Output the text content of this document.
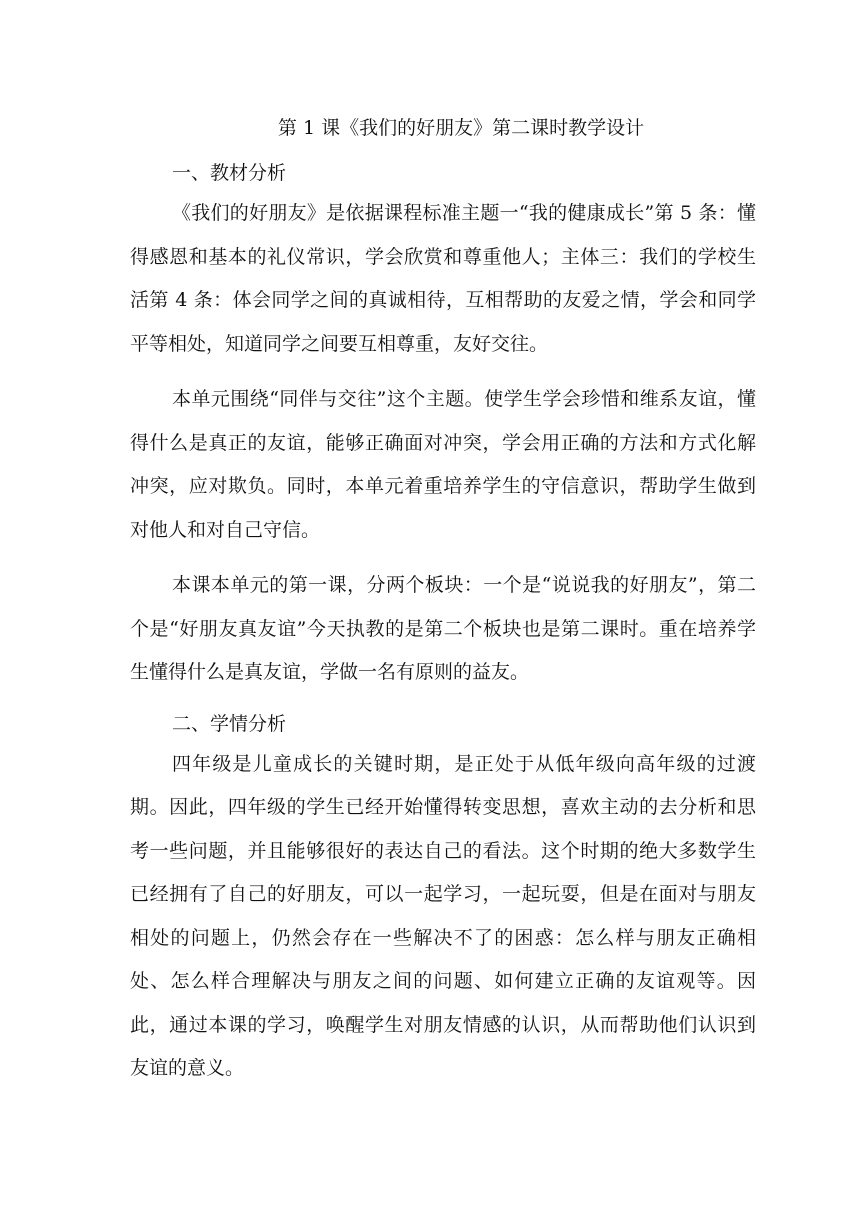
第 1 课《我们的好朋友》第二课时教学设计
一、教材分析

《我们的好朋友》是依据课程标准主题一“我的健康成长”第 5 条：懂得感恩和基本的礼仪常识，学会欣赏和尊重他人；主体三：我们的学校生活第 4 条：体会同学之间的真诚相待，互相帮助的友爱之情，学会和同学平等相处，知道同学之间要互相尊重，友好交往。

本单元围绕“同伴与交往”这个主题。使学生学会珍惜和维系友谊，懂得什么是真正的友谊，能够正确面对冲突，学会用正确的方法和方式化解冲突，应对欺负。同时，本单元着重培养学生的守信意识，帮助学生做到对他人和对自己守信。

本课本单元的第一课，分两个板块：一个是“说说我的好朋友”，第二个是“好朋友真友谊”今天执教的是第二个板块也是第二课时。重在培养学生懂得什么是真友谊，学做一名有原则的益友。

二、学情分析

四年级是儿童成长的关键时期，是正处于从低年级向高年级的过渡期。因此，四年级的学生已经开始懂得转变思想，喜欢主动的去分析和思考一些问题，并且能够很好的表达自己的看法。这个时期的绝大多数学生已经拥有了自己的好朋友，可以一起学习，一起玩耍，但是在面对与朋友相处的问题上，仍然会存在一些解决不了的困惑：怎么样与朋友正确相处、怎么样合理解决与朋友之间的问题、如何建立正确的友谊观等。因此，通过本课的学习，唤醒学生对朋友情感的认识，从而帮助他们认识到友谊的意义。
